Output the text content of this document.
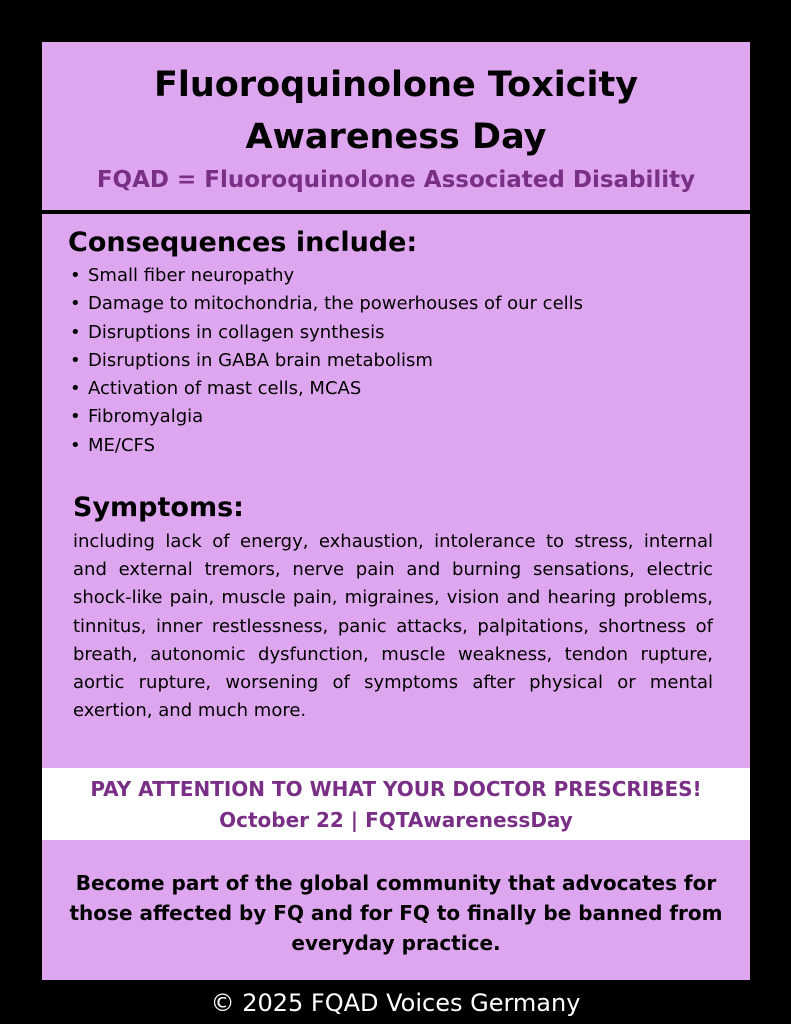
Fluoroquinolone Toxicity
Awareness Day
FQAD = Fluoroquinolone Associated Disability
Consequences include:
• Small fiber neuropathy
• Damage to mitochondria, the powerhouses of our cells
• Disruptions in collagen synthesis
• Disruptions in GABA brain metabolism
• Activation of mast cells, MCAS
• Fibromyalgia
• ME/CFS
Symptoms:
including lack of energy, exhaustion, intolerance to stress, internal and external tremors, nerve pain and burning sensations, electric shock-like pain, muscle pain, migraines, vision and hearing problems, tinnitus, inner restlessness, panic attacks, palpitations, shortness of breath, autonomic dysfunction, muscle weakness, tendon rupture, aortic rupture, worsening of symptoms after physical or mental exertion, and much more.
PAY ATTENTION TO WHAT YOUR DOCTOR PRESCRIBES!
October 22 | FQTAwarenessDay
Become part of the global community that advocates for those affected by FQ and for FQ to finally be banned from everyday practice.
© 2025 FQAD Voices Germany
